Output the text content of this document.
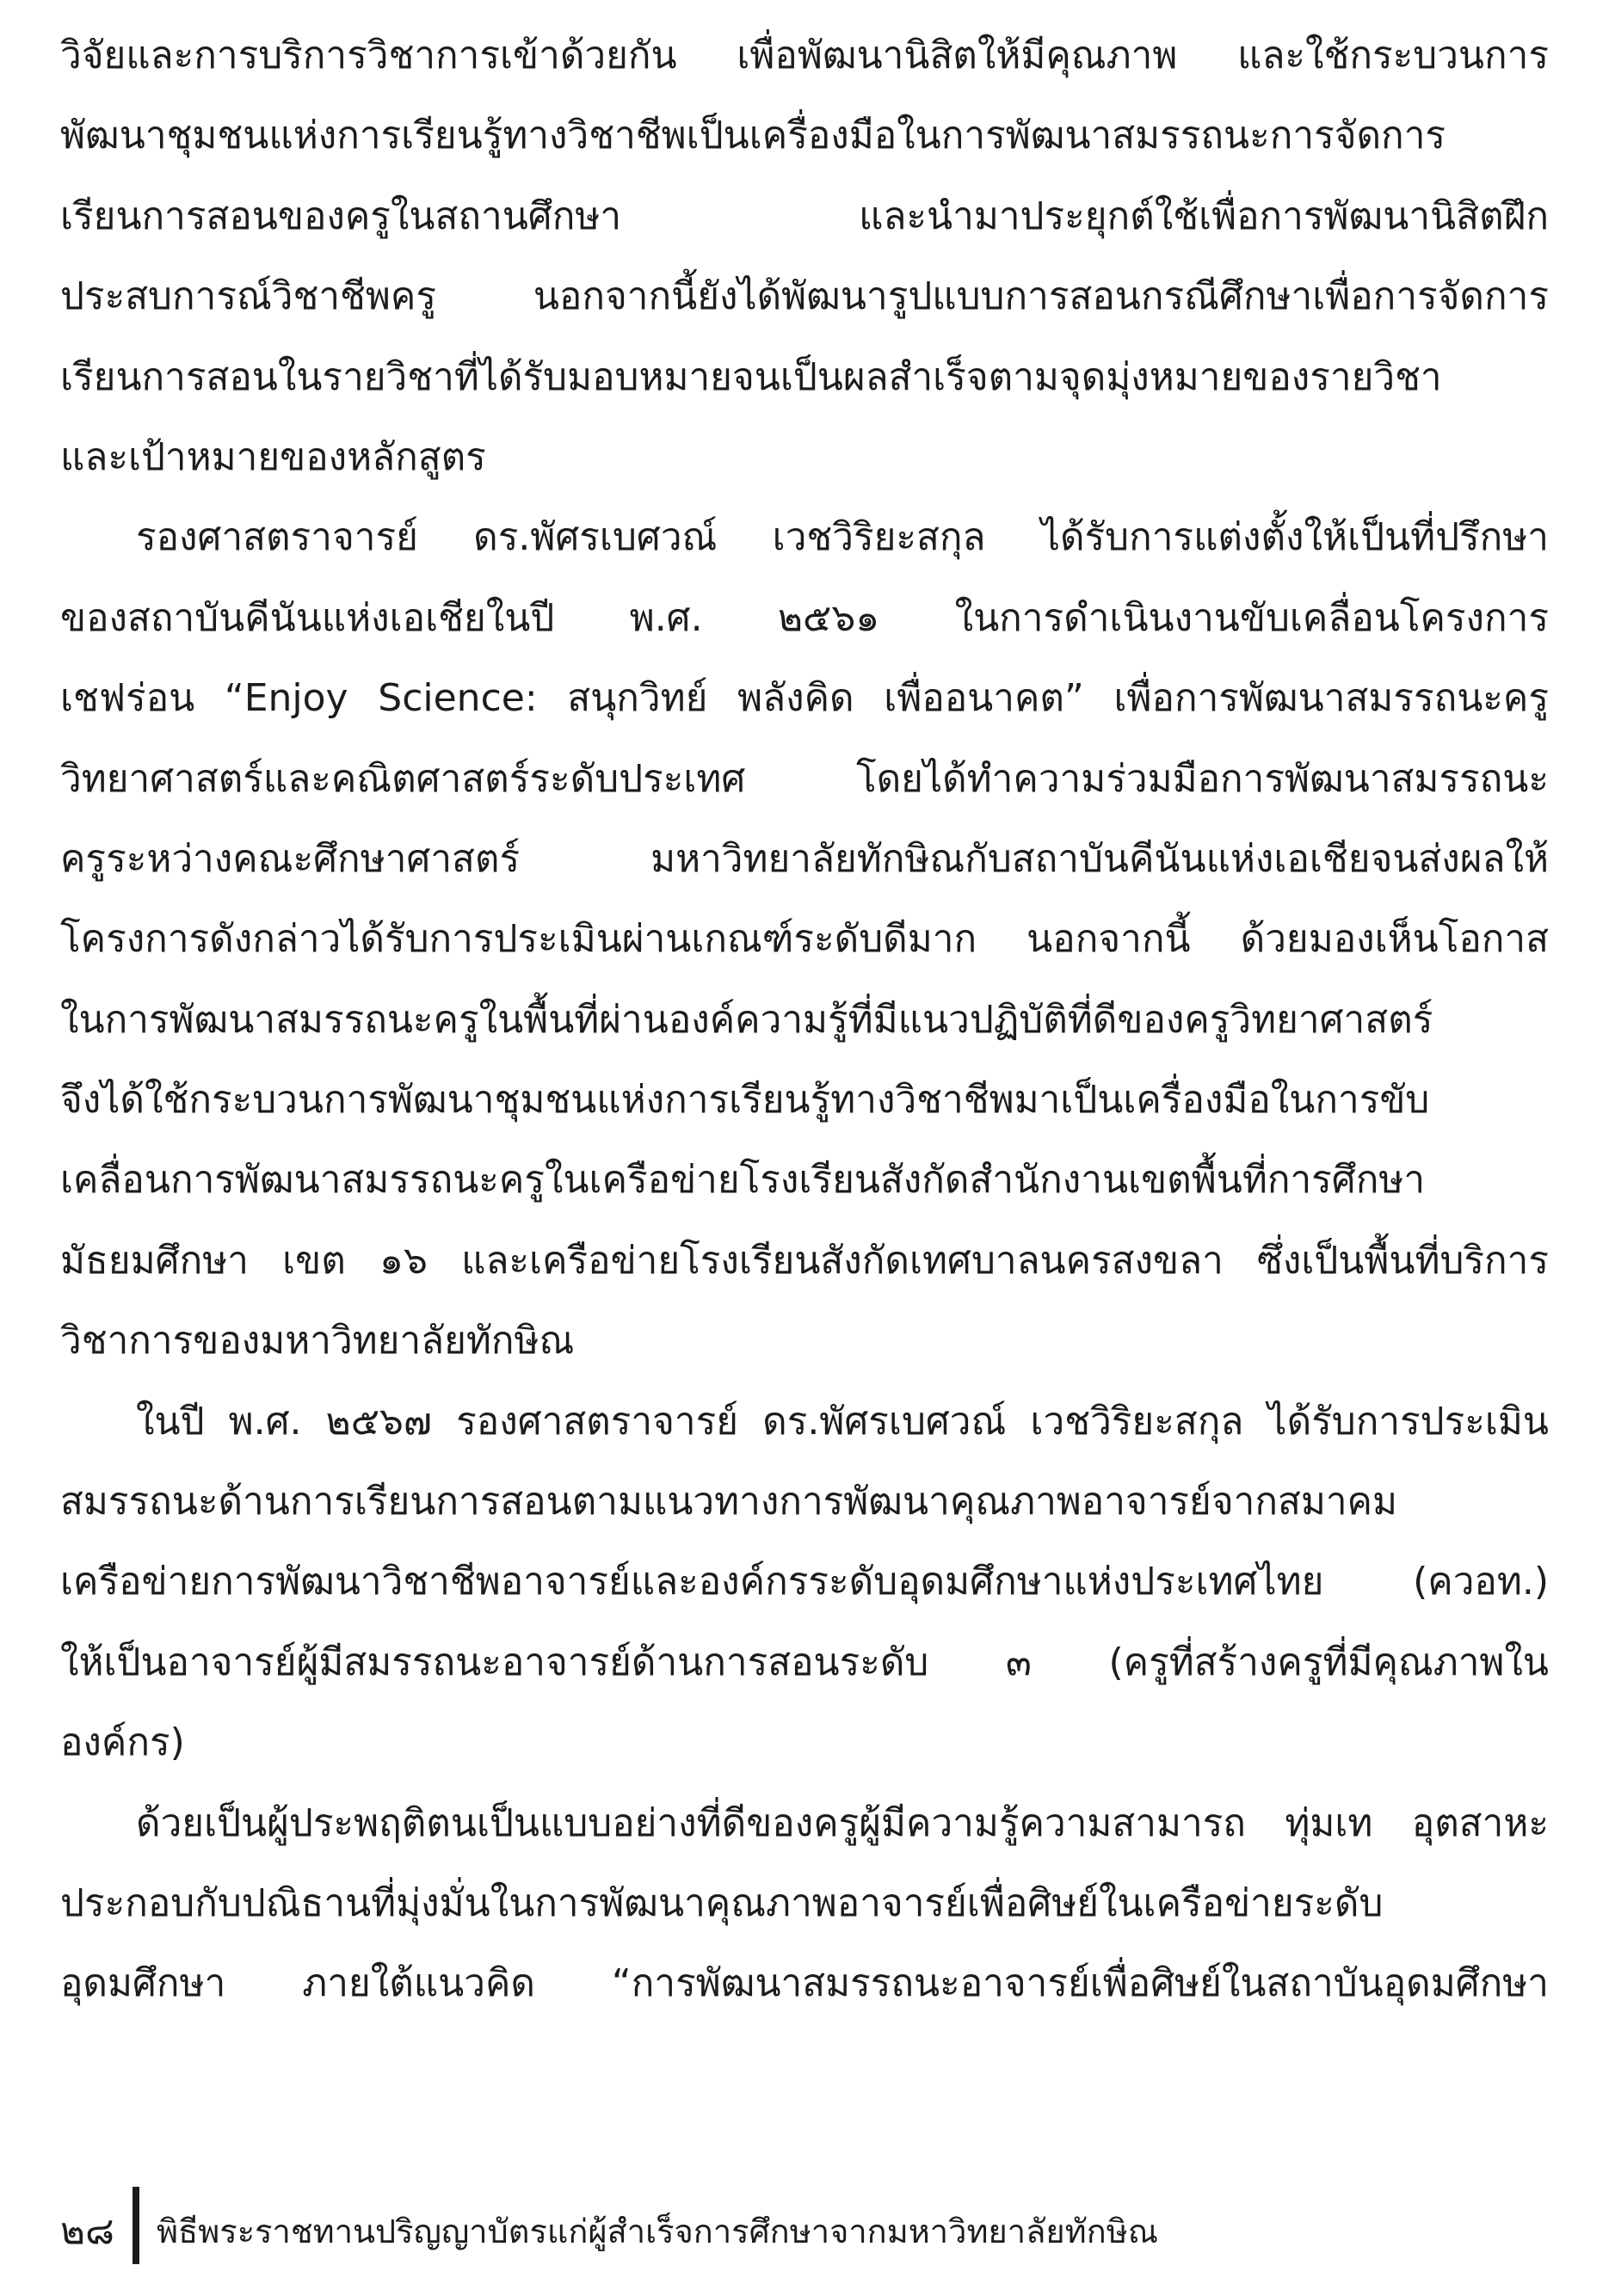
วิจัยและการบริการวิชาการเข้าด้วยกัน เพื่อพัฒนานิสิตให้มีคุณภาพ และใช้กระบวนการ
พัฒนาชุมชนแห่งการเรียนรู้ทางวิชาชีพเป็นเครื่องมือในการพัฒนาสมรรถนะการจัดการ
เรียนการสอนของครูในสถานศึกษา และนำมาประยุกต์ใช้เพื่อการพัฒนานิสิตฝึก
ประสบการณ์วิชาชีพครู นอกจากนี้ยังได้พัฒนารูปแบบการสอนกรณีศึกษาเพื่อการจัดการ
เรียนการสอนในรายวิชาที่ได้รับมอบหมายจนเป็นผลสำเร็จตามจุดมุ่งหมายของรายวิชา
และเป้าหมายของหลักสูตร
รองศาสตราจารย์ ดร.พัศรเบศวณ์ เวชวิริยะสกุล ได้รับการแต่งตั้งให้เป็นที่ปรึกษา
ของสถาบันคีนันแห่งเอเชียในปี พ.ศ. ๒๕๖๑ ในการดำเนินงานขับเคลื่อนโครงการ
เชฟร่อน “Enjoy Science: สนุกวิทย์ พลังคิด เพื่ออนาคต” เพื่อการพัฒนาสมรรถนะครู
วิทยาศาสตร์และคณิตศาสตร์ระดับประเทศ โดยได้ทำความร่วมมือการพัฒนาสมรรถนะ
ครูระหว่างคณะศึกษาศาสตร์ มหาวิทยาลัยทักษิณกับสถาบันคีนันแห่งเอเชียจนส่งผลให้
โครงการดังกล่าวได้รับการประเมินผ่านเกณฑ์ระดับดีมาก นอกจากนี้ ด้วยมองเห็นโอกาส
ในการพัฒนาสมรรถนะครูในพื้นที่ผ่านองค์ความรู้ที่มีแนวปฏิบัติที่ดีของครูวิทยาศาสตร์
จึงได้ใช้กระบวนการพัฒนาชุมชนแห่งการเรียนรู้ทางวิชาชีพมาเป็นเครื่องมือในการขับ
เคลื่อนการพัฒนาสมรรถนะครูในเครือข่ายโรงเรียนสังกัดสำนักงานเขตพื้นที่การศึกษา
มัธยมศึกษา เขต ๑๖ และเครือข่ายโรงเรียนสังกัดเทศบาลนครสงขลา ซึ่งเป็นพื้นที่บริการ
วิชาการของมหาวิทยาลัยทักษิณ
ในปี พ.ศ. ๒๕๖๗ รองศาสตราจารย์ ดร.พัศรเบศวณ์ เวชวิริยะสกุล ได้รับการประเมิน
สมรรถนะด้านการเรียนการสอนตามแนวทางการพัฒนาคุณภาพอาจารย์จากสมาคม
เครือข่ายการพัฒนาวิชาชีพอาจารย์และองค์กรระดับอุดมศึกษาแห่งประเทศไทย (ควอท.)
ให้เป็นอาจารย์ผู้มีสมรรถนะอาจารย์ด้านการสอนระดับ ๓ (ครูที่สร้างครูที่มีคุณภาพใน
องค์กร)
ด้วยเป็นผู้ประพฤติตนเป็นแบบอย่างที่ดีของครูผู้มีความรู้ความสามารถ ทุ่มเท อุตสาหะ
ประกอบกับปณิธานที่มุ่งมั่นในการพัฒนาคุณภาพอาจารย์เพื่อศิษย์ในเครือข่ายระดับ
อุดมศึกษา ภายใต้แนวคิด “การพัฒนาสมรรถนะอาจารย์เพื่อศิษย์ในสถาบันอุดมศึกษา
๒๘ พิธีพระราชทานปริญญาบัตรแก่ผู้สำเร็จการศึกษาจากมหาวิทยาลัยทักษิณ
